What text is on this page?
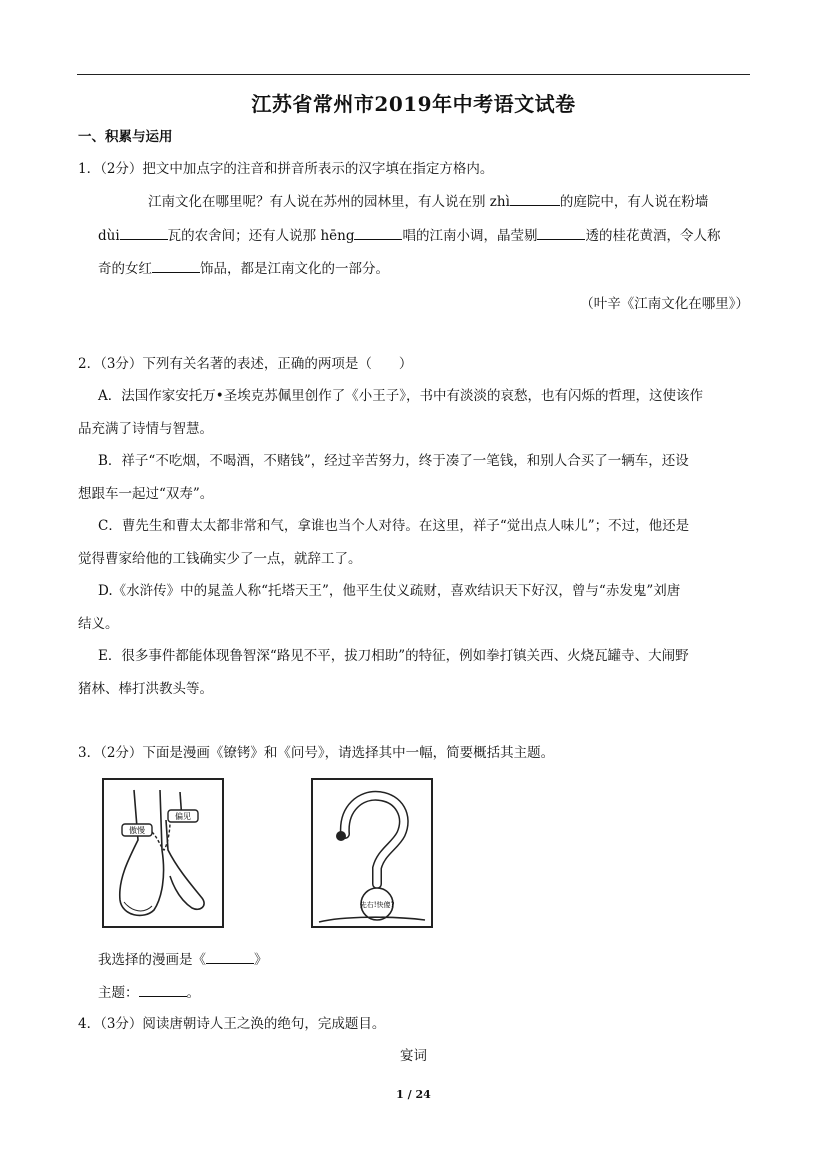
江苏省常州市2019年中考语文试卷
一、积累与运用
1．（2分）把文中加点字的注音和拼音所表示的汉字填在指定方格内。
江南文化在哪里呢？有人说在苏州的园林里，有人说在别 zhì	的庭院中，有人说在粉墙
dùi	瓦的农舍间；还有人说那 hēng	唱的江南小调，晶莹剔	透的桂花黄酒，令人称
奇的女红	饰品，都是江南文化的一部分。
（叶辛《江南文化在哪里》）
2．（3分）下列有关名著的表述，正确的两项是（　　）
A．法国作家安托万•圣埃克苏佩里创作了《小王子》，书中有淡淡的哀愁，也有闪烁的哲理，这使该作
品充满了诗情与智慧。
B．祥子“不吃烟，不喝酒，不赌钱”，经过辛苦努力，终于凑了一笔钱，和别人合买了一辆车，还设
想跟车一起过“双寿”。
C．曹先生和曹太太都非常和气，拿谁也当个人对待。在这里，祥子“觉出点人味儿”；不过，他还是
觉得曹家给他的工钱确实少了一点，就辞工了。
D.《水浒传》中的晁盖人称“托塔天王”，他平生仗义疏财，喜欢结识天下好汉，曾与“赤发鬼”刘唐
结义。
E．很多事件都能体现鲁智深“路见不平，拔刀相助”的特征，例如拳打镇关西、火烧瓦罐寺、大闹野
猪林、棒打洪教头等。
3．（2分）下面是漫画《镣铐》和《问号》，请选择其中一幅，简要概括其主题。
傲慢
偏见
先右!快傻?
我选择的漫画是《	》
主题：	。
4．（3分）阅读唐朝诗人王之涣的绝句，完成题目。
宴词
1 / 24
